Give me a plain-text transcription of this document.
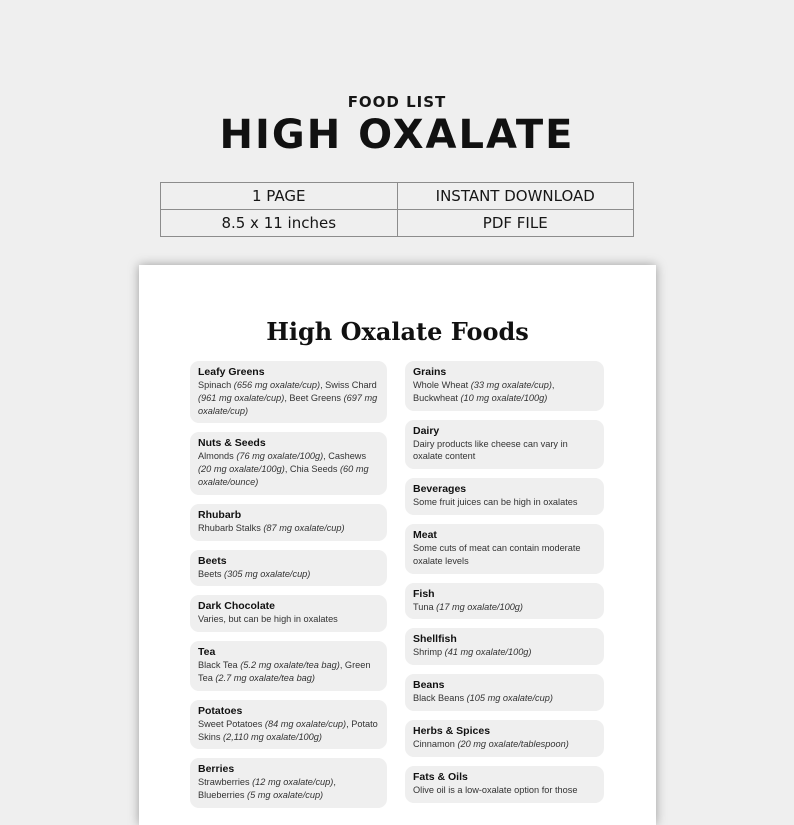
FOOD LIST
HIGH OXALATE
1 PAGE	INSTANT DOWNLOAD
8.5 x 11 inches	PDF FILE
High Oxalate Foods
Leafy Greens
Spinach (656 mg oxalate/cup), Swiss Chard (961 mg oxalate/cup), Beet Greens (697 mg oxalate/cup)
Nuts & Seeds
Almonds (76 mg oxalate/100g), Cashews (20 mg oxalate/100g), Chia Seeds (60 mg oxalate/ounce)
Rhubarb
Rhubarb Stalks (87 mg oxalate/cup)
Beets
Beets (305 mg oxalate/cup)
Dark Chocolate
Varies, but can be high in oxalates
Tea
Black Tea (5.2 mg oxalate/tea bag), Green Tea (2.7 mg oxalate/tea bag)
Potatoes
Sweet Potatoes (84 mg oxalate/cup), Potato Skins (2,110 mg oxalate/100g)
Berries
Strawberries (12 mg oxalate/cup), Blueberries (5 mg oxalate/cup)
Grains
Whole Wheat (33 mg oxalate/cup), Buckwheat (10 mg oxalate/100g)
Dairy
Dairy products like cheese can vary in oxalate content
Beverages
Some fruit juices can be high in oxalates
Meat
Some cuts of meat can contain moderate oxalate levels
Fish
Tuna (17 mg oxalate/100g)
Shellfish
Shrimp (41 mg oxalate/100g)
Beans
Black Beans (105 mg oxalate/cup)
Herbs & Spices
Cinnamon (20 mg oxalate/tablespoon)
Fats & Oils
Olive oil is a low-oxalate option for those
